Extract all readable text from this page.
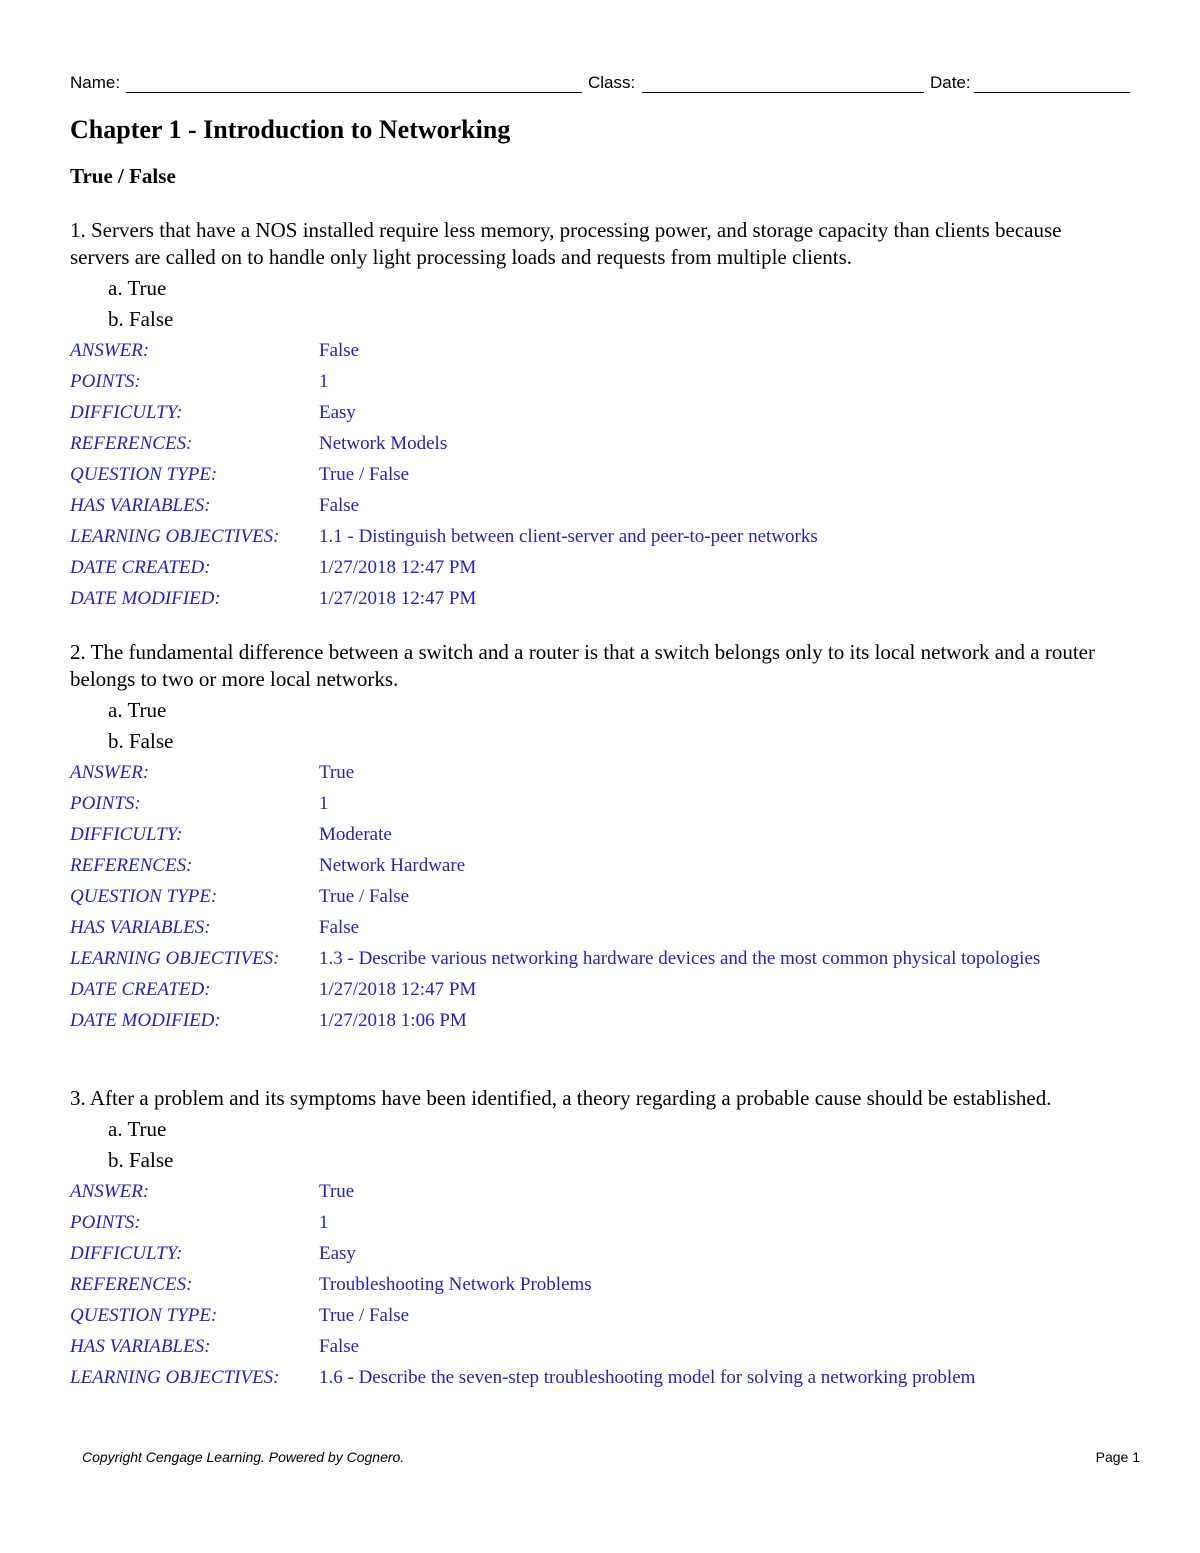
Name:	Class:	Date:
Chapter 1 - Introduction to Networking
True / False

1. Servers that have a NOS installed require less memory, processing power, and storage capacity than clients because servers are called on to handle only light processing loads and requests from multiple clients.

a. True

b. False

ANSWER:	False
POINTS:	1
DIFFICULTY:	Easy
REFERENCES:	Network Models
QUESTION TYPE:	True / False
HAS VARIABLES:	False
LEARNING OBJECTIVES:	1.1 - Distinguish between client-server and peer-to-peer networks
DATE CREATED:	1/27/2018 12:47 PM
DATE MODIFIED:	1/27/2018 12:47 PM

2. The fundamental difference between a switch and a router is that a switch belongs only to its local network and a router belongs to two or more local networks.

a. True

b. False

ANSWER:	True
POINTS:	1
DIFFICULTY:	Moderate
REFERENCES:	Network Hardware
QUESTION TYPE:	True / False
HAS VARIABLES:	False
LEARNING OBJECTIVES:	1.3 - Describe various networking hardware devices and the most common physical topologies
DATE CREATED:	1/27/2018 12:47 PM
DATE MODIFIED:	1/27/2018 1:06 PM

3. After a problem and its symptoms have been identified, a theory regarding a probable cause should be established.

a. True

b. False

ANSWER:	True
POINTS:	1
DIFFICULTY:	Easy
REFERENCES:	Troubleshooting Network Problems
QUESTION TYPE:	True / False
HAS VARIABLES:	False
LEARNING OBJECTIVES:	1.6 - Describe the seven-step troubleshooting model for solving a networking problem
Copyright Cengage Learning. Powered by Cognero.	Page 1
